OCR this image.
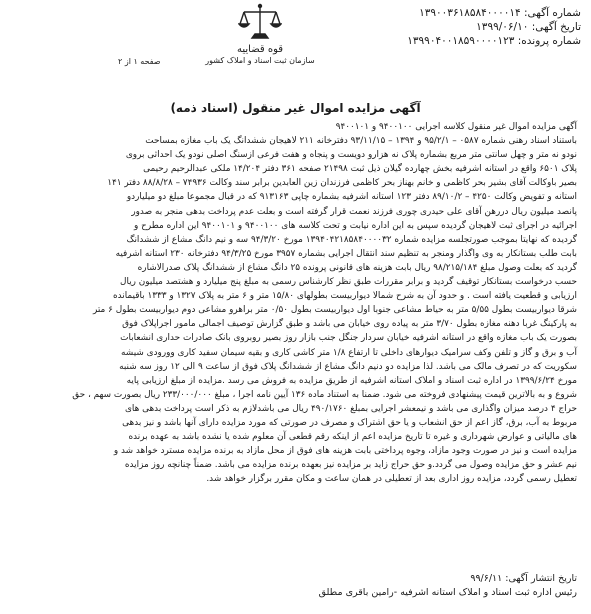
شماره آگهی: ۱۳۹۰۰۳۶۱۸۵۸۴۰۰۰۰۱۴
تاریخ آگهی: ۱۳۹۹/۰۶/۱۰
شماره پرونده: ۱۳۹۹۰۴۰۰۱۸۵۹۰۰۰۰۱۲۳
قوه قضاییه
سازمان ثبت اسناد و املاک کشور
صفحه ۱ از ۲
آگهی مزایده اموال غیر منقول (اسناد ذمه)

آگهی مزایده اموال غیر منقول کلاسه اجرایی ۹۴۰۰۱۰۰ و ۹۴۰۰۱۰۱

باستناد اسناد رهنی شماره ۰۵۸۷ – ۹۵/۲/۱ و ۱۳۹۴ – ۹۳/۱۱/۱۵ دفترخانه ۲۱۱ لاهیجان ششدانگ یک باب مغازه بمساحت

نودو نه متر و چهل سانتی متر مربع بشماره پلاک نه هزارو دویست و پنجاه و هفت فرعی ازسنگ اصلی نودو یک احداثی بروی

پلاک ۶۵۰۱ واقع در استانه اشرفیه بخش چهارده گیلان ذیل ثبت ۲۱۴۹۸ صفحه ۳۶۱ دفتر ۱۴/۲۰۴ ملکی عبدالرحیم رحیمی

بصیر باوکالت آقای بشیر بحر کاظمی و خانم بهناز بحر کاظمی فرزندان زین العابدین برابر سند وکالت ۷۴۹۳۶ – ۸۸/۸/۲۸ دفتر ۱۴۱

استانه و تفویض وکالت ۴۲۵۰ – ۸۹/۱۰/۲ دفتر ۱۲۳ استانه اشرفیه بشماره چاپی ۹۱۳۱۶۳ که در قبال مجموعا مبلغ دو میلیاردو

پانصد میلیون ریال دررهن آقای علی حیدری چوری فرزند نعمت قرار گرفته است و بعلت عدم پرداخت بدهی منجر به صدور

اجرائیه در اجرای ثبت لاهیجان گردیده سپس به این اداره نیابت و تحت کلاسه های ۹۴۰۰۱۰۰ و ۹۴۰۰۱۰۱ این اداره مطرح و

گردیده که نهایتا بموجب صورتجلسه مزایده شماره ۱۳۹۴۰۴۲۱۸۵۸۴۰۰۰۰۳۲ مورخ ۹۴/۳/۲۰ سه و نیم دانگ مشاع از ششدانگ

بابت طلب بستانکار به وی واگذار ومنجر به تنظیم سند انتقال اجرایی بشماره ۳۹۵۷ مورخ ۹۴/۳/۲۵ دفترخانه ۲۳۰ استانه اشرفیه

گردید که بعلت وصول مبلغ ۹۸/۲۱۵/۱۸۴ ریال بابت هزینه های قانونی پرونده ۲۵ دانگ مشاع از ششدانگ پلاک صدرالاشاره

حسب درخواست بستانکار توقیف گردید و برابر مقررات طبق نظر کارشناس رسمی به مبلغ پنج میلیارد و هشتصد میلیون ریال

ارزیابی و قطعیت یافته است . و حدود آن به شرح شمالا دیواربیست بطولهای ۱۵/۸۰ متر و ۶ متر به پلاک ۱۳۲۷ و ۱۳۳۳ باقیمانده

شرقا دیواربیست بطول ۵/۵۵ متر به حیاط مشاعی جنوبا اول دیواربیست بطول ۰/۵۰ متر براهرو مشاعی دوم دیواربیست بطول ۶ متر

به پارکینگ غربا دهنه مغازه بطول ۳/۷۰ متر به پیاده روی خیابان می باشد و طبق گزارش توصیف اجمالی مامور اجراپلاک فوق

بصورت یک باب مغازه واقع در استانه اشرفیه خیابان سردار جنگل جنب بازار روز بصیر روبروی بانک صادرات حداری انشعابات

آب و برق و گاز و تلفن وکف سرامیک دیوارهای داخلی تا ارتفاع ۱/۸ متر کاشی کاری و بقیه سیمان سفید کاری وورودی شیشه

سکوریت که در تصرف مالک می باشد. لذا مزایده دو دنیم دانگ مشاع از ششدانگ پلاک فوق از ساعت ۹ الی ۱۲ روز سه شنبه

مورخ ۱۳۹۹/۶/۲۴ در اداره ثبت اسناد و املاک استانه اشرفیه از طریق مزایده به فروش می رسد .مزایده از مبلغ ارزیابی پایه

شروع و به بالاترین قیمت پیشنهادی فروخته می شود. ضمنا به استناد ماده ۱۳۶ آیین نامه اجرا ، مبلغ ۲۳۳/۰۰۰/۰۰۰ ریال بصورت سهم ، حق

حراج ۴ درصد میزان واگذاری می باشد و نیمعشر اجرایی بمبلغ ۴۹۰/۱۷۶۰ ریال می باشدلازم به ذکر است پرداخت بدهی های

مربوط به آب، برق، گاز اعم از حق انشعاب و یا حق اشتراک و مصرف در صورتی که مورد مزایده دارای آنها باشد و نیز بدهی

های مالیاتی و عوارض شهرداری و غیره تا تاریخ مزایده اعم از اینکه رقم قطعی آن معلوم شده یا نشده باشد به عهده برنده

مزایده است و نیز در صورت وجود مازاد، وجوه پرداختی بابت هزینه های فوق از محل مازاد به برنده مزایده مسترد خواهد شد و

نیم عشر و حق مزایده وصول می گردد.و حق حراج زاید بر مزایده نیز بعهده برنده مزایده می باشد. ضمناً چنانچه روز مزایده

تعطیل رسمی گردد، مزایده روز اداری بعد از تعطیلی در همان ساعت و مکان مقرر برگزار خواهد شد.

تاریخ انتشار آگهی: ۹۹/۶/۱۱
رئیس اداره ثبت اسناد و املاک استانه اشرفیه -رامین باقری مطلق
